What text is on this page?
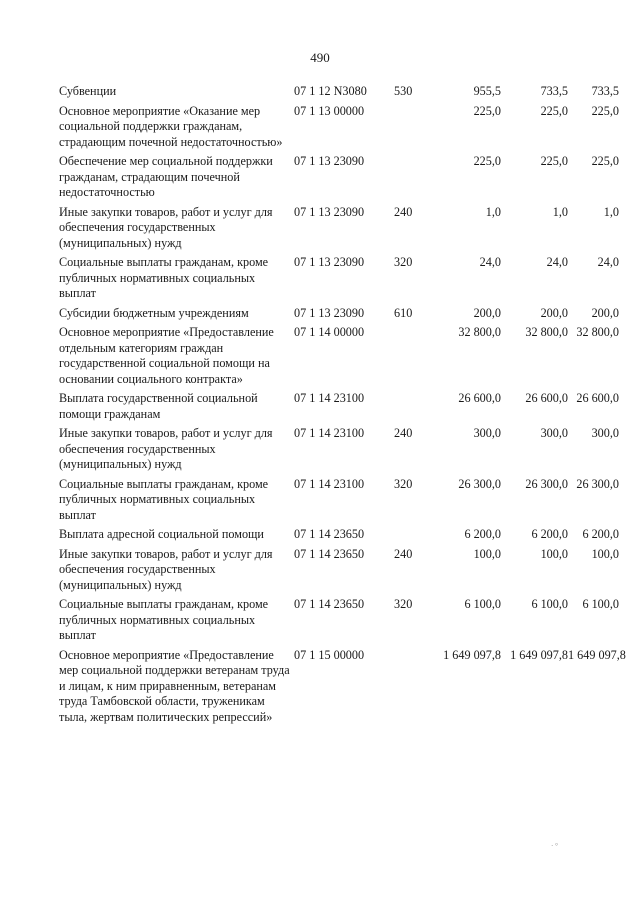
490
Субвенции	07 1 12 N3080	530	955,5	733,5	733,5
Основное мероприятие «Оказание мер социальной поддержки гражданам, страдающим почечной недостаточностью»	07 1 13 00000		225,0	225,0	225,0
Обеспечение мер социальной поддержки гражданам, страдающим почечной недостаточностью	07 1 13 23090		225,0	225,0	225,0
Иные закупки товаров, работ и услуг для обеспечения государственных (муниципальных) нужд	07 1 13 23090	240	1,0	1,0	1,0
Социальные выплаты гражданам, кроме публичных нормативных социальных выплат	07 1 13 23090	320	24,0	24,0	24,0
Субсидии бюджетным учреждениям	07 1 13 23090	610	200,0	200,0	200,0
Основное мероприятие «Предоставление отдельным категориям граждан государственной социальной помощи на основании социального контракта»	07 1 14 00000		32 800,0	32 800,0	32 800,0
Выплата государственной социальной помощи гражданам	07 1 14 23100		26 600,0	26 600,0	26 600,0
Иные закупки товаров, работ и услуг для обеспечения государственных (муниципальных) нужд	07 1 14 23100	240	300,0	300,0	300,0
Социальные выплаты гражданам, кроме публичных нормативных социальных выплат	07 1 14 23100	320	26 300,0	26 300,0	26 300,0
Выплата адресной социальной помощи	07 1 14 23650		6 200,0	6 200,0	6 200,0
Иные закупки товаров, работ и услуг для обеспечения государственных (муниципальных) нужд	07 1 14 23650	240	100,0	100,0	100,0
Социальные выплаты гражданам, кроме публичных нормативных социальных выплат	07 1 14 23650	320	6 100,0	6 100,0	6 100,0
Основное мероприятие «Предоставление мер социальной поддержки ветеранам труда и лицам, к ним приравненным, ветеранам труда Тамбовской области, труженикам тыла, жертвам политических репрессий»	07 1 15 00000		1 649 097,8	1 649 097,8	1 649 097,8
· °
